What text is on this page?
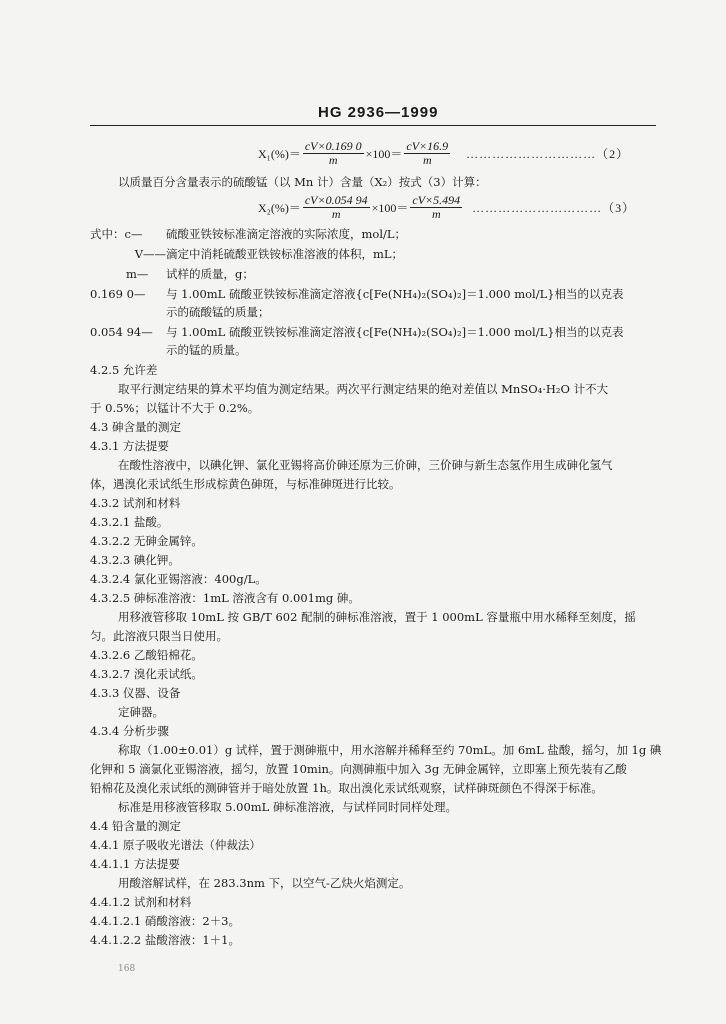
HG 2936—1999
$X_1(\%)= \frac{cV\times 0.169 0}{m} \times 100= \frac{cV\times 16.9}{m}$ …………………………（2）
以质量百分含量表示的硫酸锰（以 Mn 计）含量（X₂）按式（3）计算：
$X_2(\%)= \frac{cV\times 0.054 94}{m} \times 100= \frac{cV\times 5.494}{m}$ …………………………（3）
式中：c— 硫酸亚铁铵标准滴定溶液的实际浓度，mol/L；
V——滴定中消耗硫酸亚铁铵标准溶液的体积，mL；
m— 试样的质量，g；
0.169 0— 与 1.00mL 硫酸亚铁铵标准滴定溶液{c[Fe(NH₄)₂(SO₄)₂]＝1.000 mol/L}相当的以克表
示的硫酸锰的质量；
0.054 94— 与 1.00mL 硫酸亚铁铵标准滴定溶液{c[Fe(NH₄)₂(SO₄)₂]＝1.000 mol/L}相当的以克表
示的锰的质量。
4.2.5 允许差
取平行测定结果的算术平均值为测定结果。两次平行测定结果的绝对差值以 MnSO₄·H₂O 计不大
于 0.5%；以锰计不大于 0.2%。
4.3 砷含量的测定
4.3.1 方法提要
在酸性溶液中，以碘化钾、氯化亚锡将高价砷还原为三价砷，三价砷与新生态氢作用生成砷化氢气
体，遇溴化汞试纸生形成棕黄色砷斑，与标准砷斑进行比较。
4.3.2 试剂和材料
4.3.2.1 盐酸。
4.3.2.2 无砷金属锌。
4.3.2.3 碘化钾。
4.3.2.4 氯化亚锡溶液：400g/L。
4.3.2.5 砷标准溶液：1mL 溶液含有 0.001mg 砷。
用移液管移取 10mL 按 GB/T 602 配制的砷标准溶液，置于 1 000mL 容量瓶中用水稀释至刻度，摇
匀。此溶液只限当日使用。
4.3.2.6 乙酸铅棉花。
4.3.2.7 溴化汞试纸。
4.3.3 仪器、设备
定砷器。
4.3.4 分析步骤
称取（1.00±0.01）g 试样，置于测砷瓶中，用水溶解并稀释至约 70mL。加 6mL 盐酸，摇匀，加 1g 碘
化钾和 5 滴氯化亚锡溶液，摇匀，放置 10min。向测砷瓶中加入 3g 无砷金属锌，立即塞上预先装有乙酸
铅棉花及溴化汞试纸的测砷管并于暗处放置 1h。取出溴化汞试纸观察，试样砷斑颜色不得深于标准。
标准是用移液管移取 5.00mL 砷标准溶液，与试样同时同样处理。
4.4 铅含量的测定
4.4.1 原子吸收光谱法（仲裁法）
4.4.1.1 方法提要
用酸溶解试样，在 283.3nm 下，以空气-乙炔火焰测定。
4.4.1.2 试剂和材料
4.4.1.2.1 硝酸溶液：2＋3。
4.4.1.2.2 盐酸溶液：1＋1。
168
